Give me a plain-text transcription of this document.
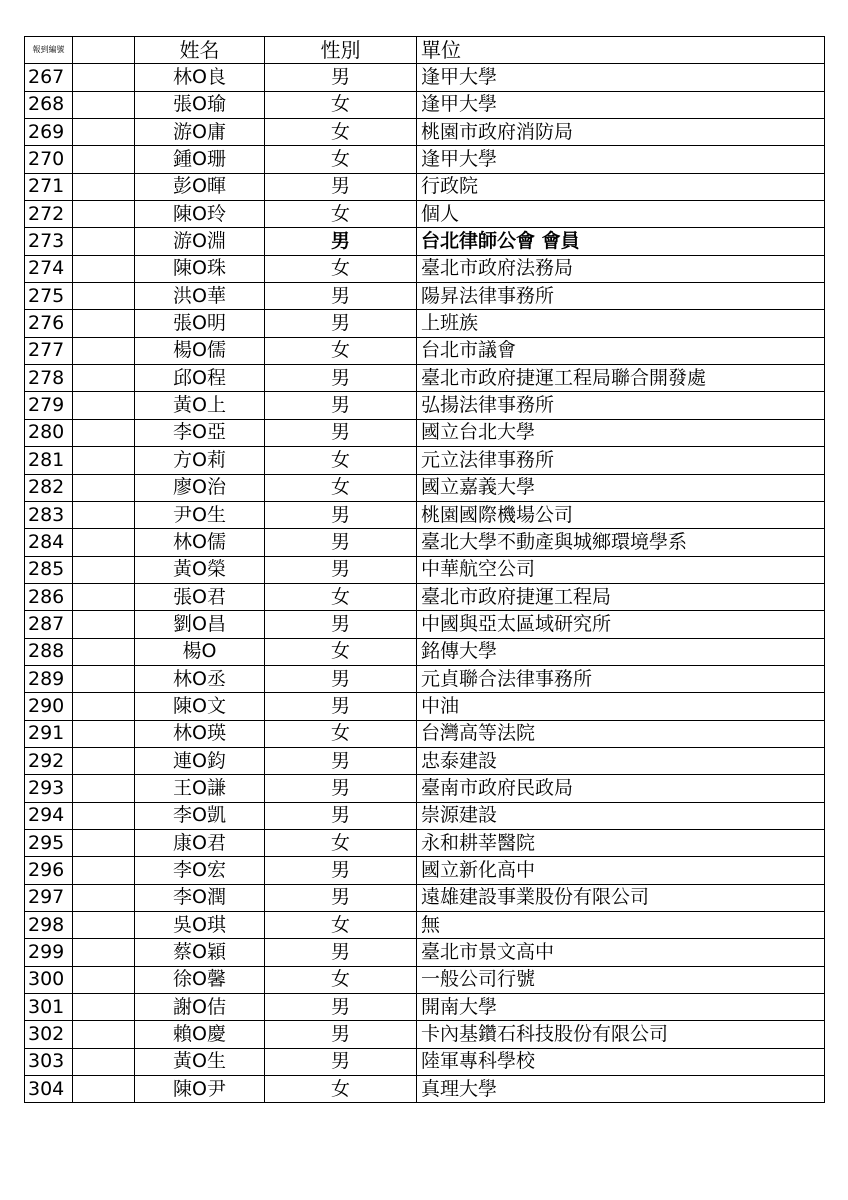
報到編號		姓名	性別	單位
267		林O良	男	逢甲大學
268		張O瑜	女	逢甲大學
269		游O庸	女	桃園市政府消防局
270		鍾O珊	女	逢甲大學
271		彭O暉	男	行政院
272		陳O玲	女	個人
273		游O淵	男	台北律師公會 會員
274		陳O珠	女	臺北市政府法務局
275		洪O華	男	陽昇法律事務所
276		張O明	男	上班族
277		楊O儒	女	台北市議會
278		邱O程	男	臺北市政府捷運工程局聯合開發處
279		黃O上	男	弘揚法律事務所
280		李O亞	男	國立台北大學
281		方O莉	女	元立法律事務所
282		廖O治	女	國立嘉義大學
283		尹O生	男	桃園國際機場公司
284		林O儒	男	臺北大學不動產與城鄉環境學系
285		黃O榮	男	中華航空公司
286		張O君	女	臺北市政府捷運工程局
287		劉O昌	男	中國與亞太區域研究所
288		楊O	女	銘傳大學
289		林O丞	男	元貞聯合法律事務所
290		陳O文	男	中油
291		林O瑛	女	台灣高等法院
292		連O鈞	男	忠泰建設
293		王O謙	男	臺南市政府民政局
294		李O凱	男	崇源建設
295		康O君	女	永和耕莘醫院
296		李O宏	男	國立新化高中
297		李O潤	男	遠雄建設事業股份有限公司
298		吳O琪	女	無
299		蔡O穎	男	臺北市景文高中
300		徐O馨	女	一般公司行號
301		謝O佶	男	開南大學
302		賴O慶	男	卡內基鑽石科技股份有限公司
303		黃O生	男	陸軍專科學校
304		陳O尹	女	真理大學
